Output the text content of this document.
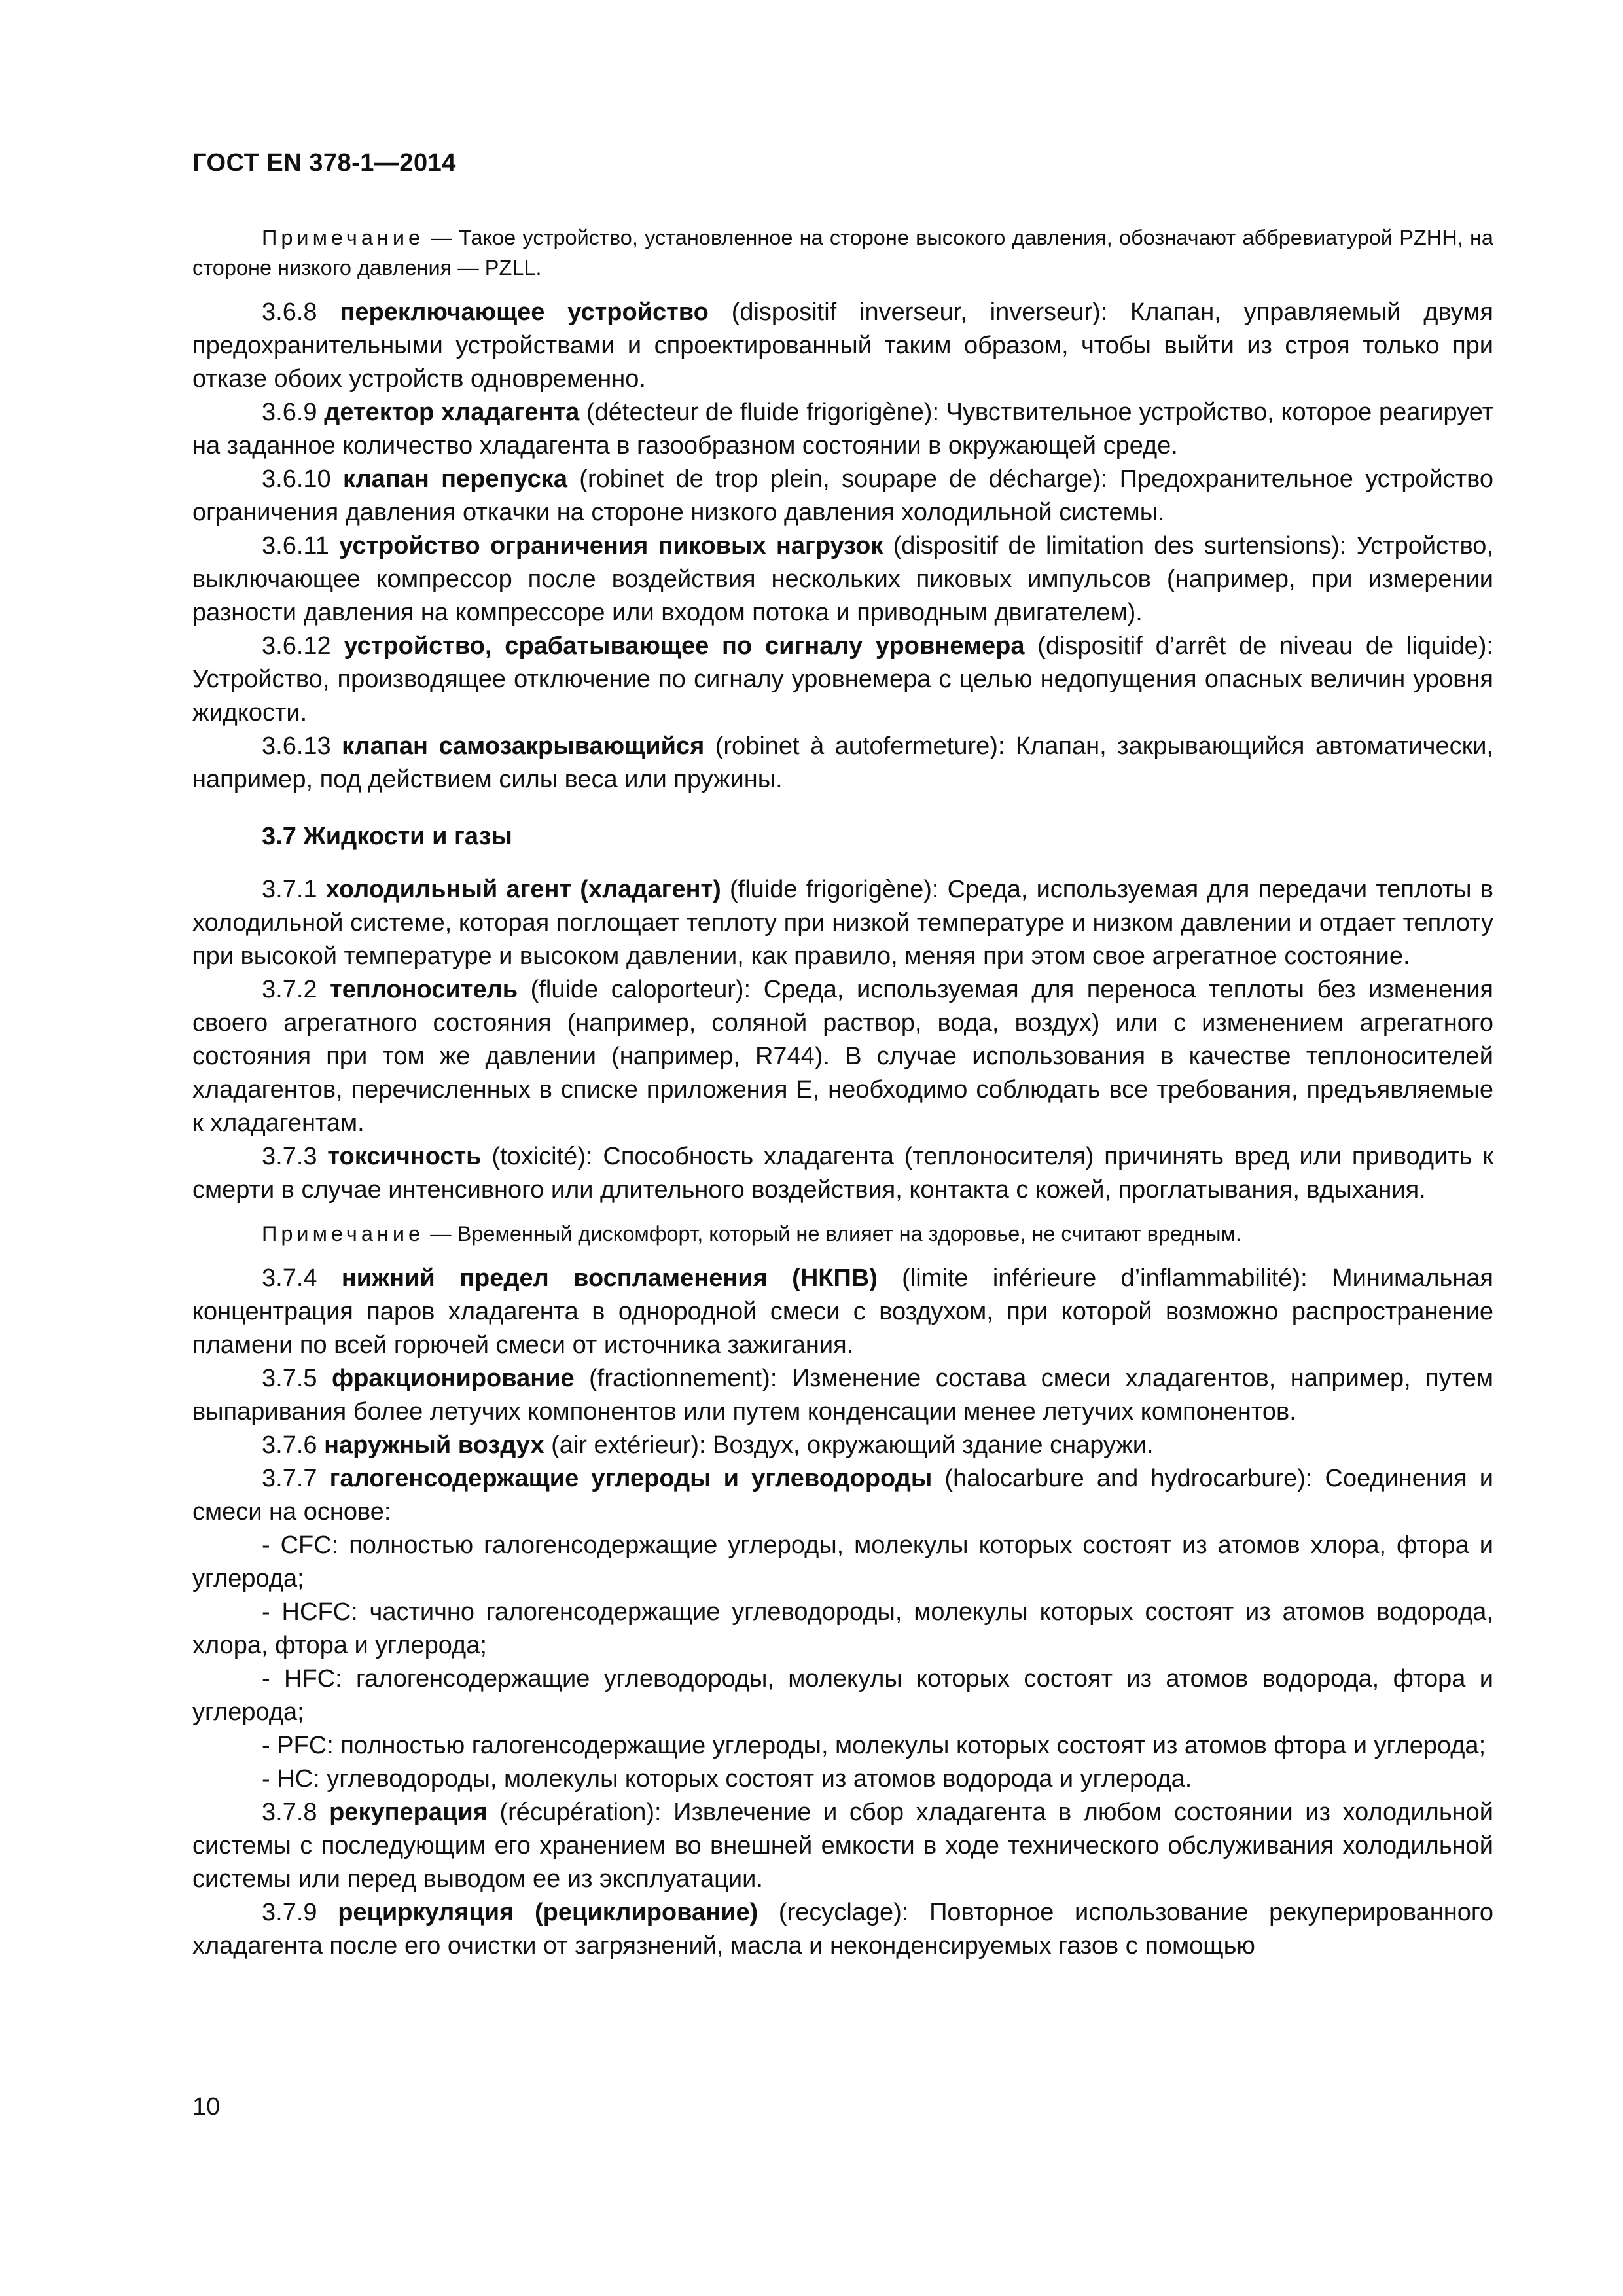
ГОСТ EN 378-1—2014
Примечание — Такое устройство, установленное на стороне высокого давления, обозначают аббревиатурой PZHH, на стороне низкого давления — PZLL.
3.6.8 переключающее устройство (dispositif inverseur, inverseur): Клапан, управляемый двумя предохранительными устройствами и спроектированный таким образом, чтобы выйти из строя только при отказе обоих устройств одновременно.
3.6.9 детектор хладагента (détecteur de fluide frigorigène): Чувствительное устройство, которое реагирует на заданное количество хладагента в газообразном состоянии в окружающей среде.
3.6.10 клапан перепуска (robinet de trop plein, soupape de décharge): Предохранительное устройство ограничения давления откачки на стороне низкого давления холодильной системы.
3.6.11 устройство ограничения пиковых нагрузок (dispositif de limitation des surtensions): Устройство, выключающее компрессор после воздействия нескольких пиковых импульсов (например, при измерении разности давления на компрессоре или входом потока и приводным двигателем).
3.6.12 устройство, срабатывающее по сигналу уровнемера (dispositif d’arrêt de niveau de liquide): Устройство, производящее отключение по сигналу уровнемера с целью недопущения опасных величин уровня жидкости.
3.6.13 клапан самозакрывающийся (robinet à autofermeture): Клапан, закрывающийся автоматически, например, под действием силы веса или пружины.
3.7 Жидкости и газы
3.7.1 холодильный агент (хладагент) (fluide frigorigène): Среда, используемая для передачи теплоты в холодильной системе, которая поглощает теплоту при низкой температуре и низком давлении и отдает теплоту при высокой температуре и высоком давлении, как правило, меняя при этом свое агрегатное состояние.
3.7.2 теплоноситель (fluide caloporteur): Среда, используемая для переноса теплоты без изменения своего агрегатного состояния (например, соляной раствор, вода, воздух) или с изменением агрегатного состояния при том же давлении (например, R744). В случае использования в качестве теплоносителей хладагентов, перечисленных в списке приложения E, необходимо соблюдать все требования, предъявляемые к хладагентам.
3.7.3 токсичность (toxicité): Способность хладагента (теплоносителя) причинять вред или приводить к смерти в случае интенсивного или длительного воздействия, контакта с кожей, проглатывания, вдыхания.
Примечание — Временный дискомфорт, который не влияет на здоровье, не считают вредным.
3.7.4 нижний предел воспламенения (НКПВ) (limite inférieure d’inflammabilité): Минимальная концентрация паров хладагента в однородной смеси с воздухом, при которой возможно распространение пламени по всей горючей смеси от источника зажигания.
3.7.5 фракционирование (fractionnement): Изменение состава смеси хладагентов, например, путем выпаривания более летучих компонентов или путем конденсации менее летучих компонентов.
3.7.6 наружный воздух (air extérieur): Воздух, окружающий здание снаружи.
3.7.7 галогенсодержащие углероды и углеводороды (halocarbure and hydrocarbure): Соединения и смеси на основе:
- CFC: полностью галогенсодержащие углероды, молекулы которых состоят из атомов хлора, фтора и углерода;
- HCFC: частично галогенсодержащие углеводороды, молекулы которых состоят из атомов водорода, хлора, фтора и углерода;
- HFC: галогенсодержащие углеводороды, молекулы которых состоят из атомов водорода, фтора и углерода;
- PFC: полностью галогенсодержащие углероды, молекулы которых состоят из атомов фтора и углерода;
- HC: углеводороды, молекулы которых состоят из атомов водорода и углерода.
3.7.8 рекуперация (récupération): Извлечение и сбор хладагента в любом состоянии из холодильной системы с последующим его хранением во внешней емкости в ходе технического обслуживания холодильной системы или перед выводом ее из эксплуатации.
3.7.9 рециркуляция (рециклирование) (recyclage): Повторное использование рекуперированного хладагента после его очистки от загрязнений, масла и неконденсируемых газов с помощью
10
